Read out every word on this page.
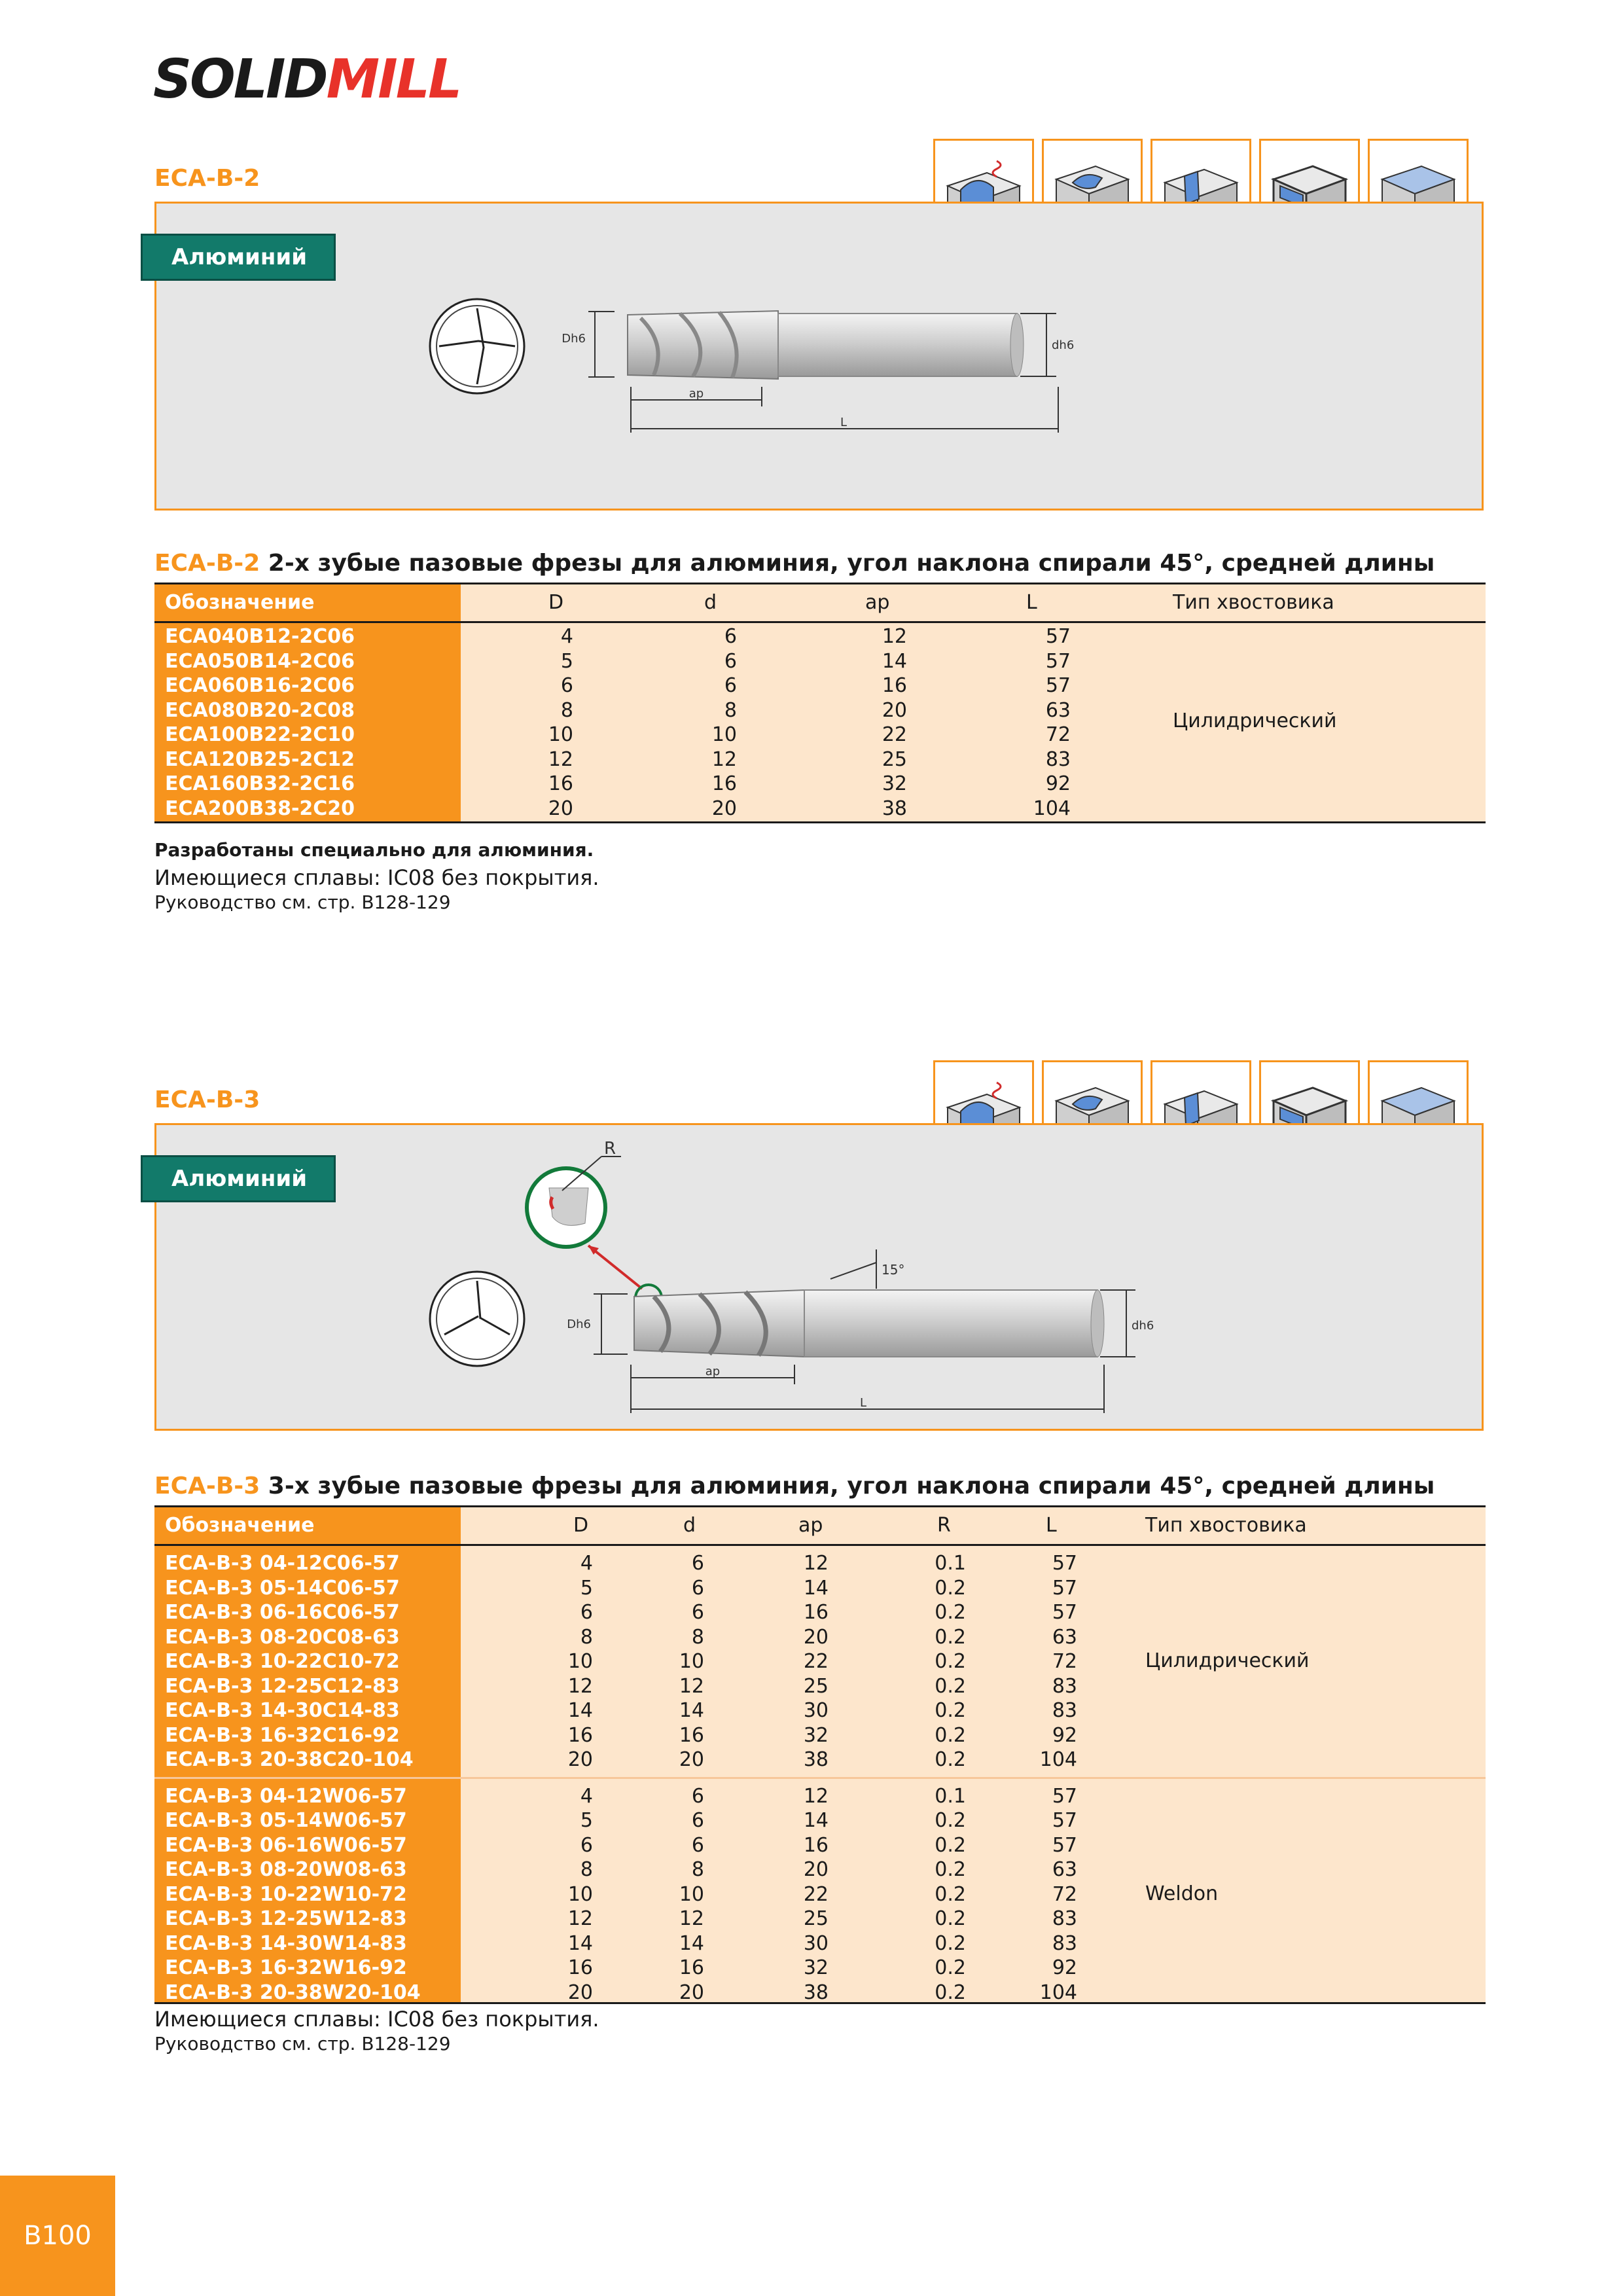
SOLIDMILL
ECA-B-2
Алюминий
Dh6	dh6
ap
L
ECA-B-2 2-х зубые пазовые фрезы для алюминия, угол наклона спирали 45°, средней длины
Обозначение	D	d	ap	L	Тип хвостовика
ECA040B12-2C06	4	6	12	57
ECA050B14-2C06	5	6	14	57
ECA060B16-2C06	6	6	16	57
ECA080B20-2C08	8	8	20	63
ECA100B22-2C10	10	10	22	72
ECA120B25-2C12	12	12	25	83
ECA160B32-2C16	16	16	32	92
ECA200B38-2C20	20	20	38	104
Цилидрический
Разработаны специально для алюминия.
Имеющиеся сплавы: IC08 без покрытия.
Руководство см. стр. B128-129
ECA-B-3
Алюминий
R
15°
Dh6	dh6
ap
L
ECA-B-3 3-х зубые пазовые фрезы для алюминия, угол наклона спирали 45°, средней длины
Обозначение	D	d	ap	R	L	Тип хвостовика
ECA-B-3 04-12C06-57	4	6	12	0.1	57
ECA-B-3 05-14C06-57	5	6	14	0.2	57
ECA-B-3 06-16C06-57	6	6	16	0.2	57
ECA-B-3 08-20C08-63	8	8	20	0.2	63
ECA-B-3 10-22C10-72	10	10	22	0.2	72
ECA-B-3 12-25C12-83	12	12	25	0.2	83
ECA-B-3 14-30C14-83	14	14	30	0.2	83
ECA-B-3 16-32C16-92	16	16	32	0.2	92
ECA-B-3 20-38C20-104	20	20	38	0.2	104
Цилидрический
ECA-B-3 04-12W06-57	4	6	12	0.1	57
ECA-B-3 05-14W06-57	5	6	14	0.2	57
ECA-B-3 06-16W06-57	6	6	16	0.2	57
ECA-B-3 08-20W08-63	8	8	20	0.2	63
ECA-B-3 10-22W10-72	10	10	22	0.2	72
ECA-B-3 12-25W12-83	12	12	25	0.2	83
ECA-B-3 14-30W14-83	14	14	30	0.2	83
ECA-B-3 16-32W16-92	16	16	32	0.2	92
ECA-B-3 20-38W20-104	20	20	38	0.2	104
Weldon
Имеющиеся сплавы: IC08 без покрытия.
Руководство см. стр. B128-129
B100
